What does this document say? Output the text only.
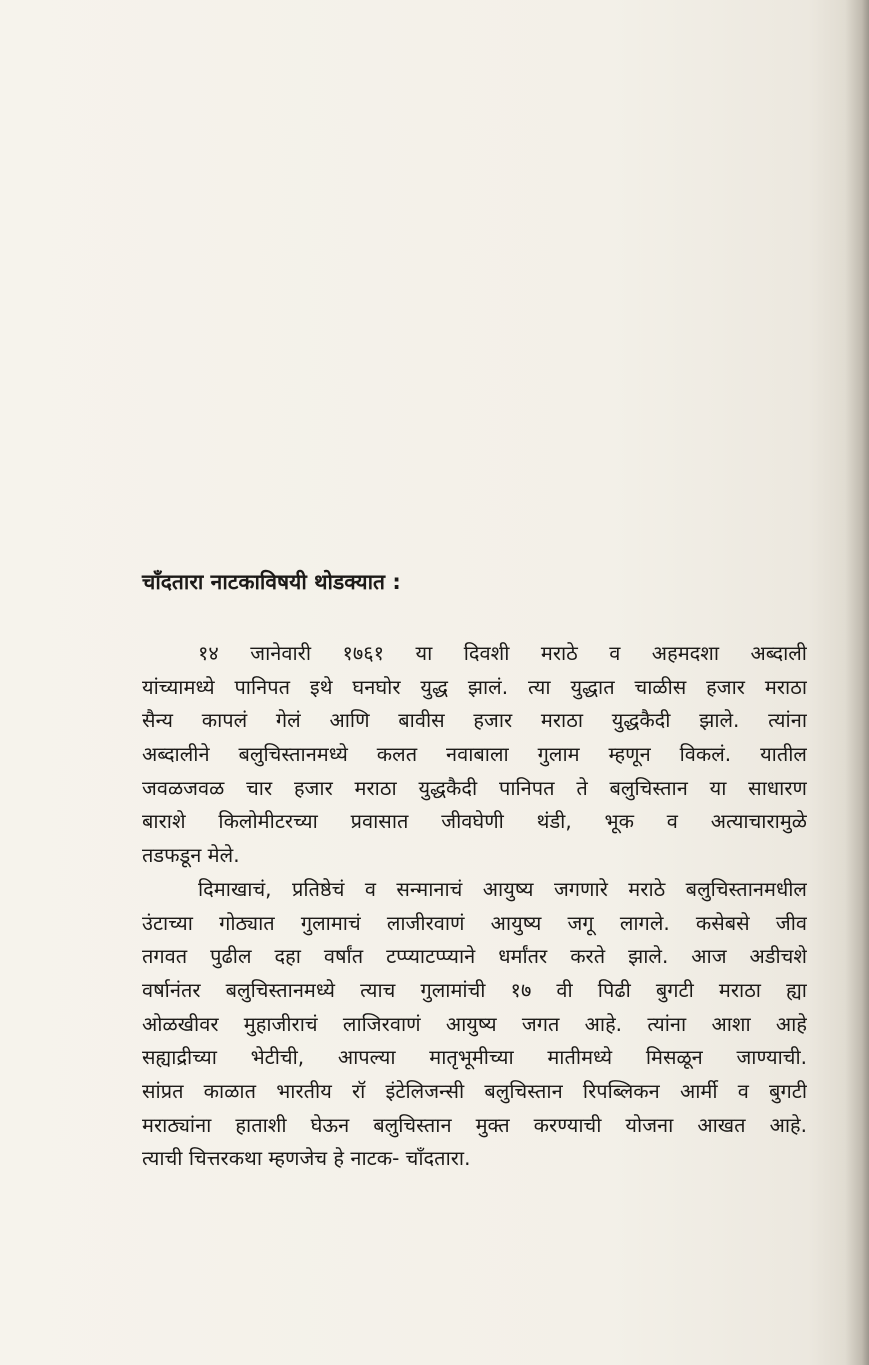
चाँदतारा नाटकाविषयी थोडक्यात :
१४ जानेवारी १७६१ या दिवशी मराठे व अहमदशा अब्दाली
यांच्यामध्ये पानिपत इथे घनघोर युद्ध झालं. त्या युद्धात चाळीस हजार मराठा
सैन्य कापलं गेलं आणि बावीस हजार मराठा युद्धकैदी झाले. त्यांना
अब्दालीने बलुचिस्तानमध्ये कलत नवाबाला गुलाम म्हणून विकलं. यातील
जवळजवळ चार हजार मराठा युद्धकैदी पानिपत ते बलुचिस्तान या साधारण
बाराशे किलोमीटरच्या प्रवासात जीवघेणी थंडी, भूक व अत्याचारामुळे
तडफडून मेले.
दिमाखाचं, प्रतिष्ठेचं व सन्मानाचं आयुष्य जगणारे मराठे बलुचिस्तानमधील
उंटाच्या गोठ्यात गुलामाचं लाजीरवाणं आयुष्य जगू लागले. कसेबसे जीव
तगवत पुढील दहा वर्षांत टप्प्याटप्प्याने धर्मांतर करते झाले. आज अडीचशे
वर्षानंतर बलुचिस्तानमध्ये त्याच गुलामांची १७ वी पिढी बुगटी मराठा ह्या
ओळखीवर मुहाजीराचं लाजिरवाणं आयुष्य जगत आहे. त्यांना आशा आहे
सह्याद्रीच्या भेटीची, आपल्या मातृभूमीच्या मातीमध्ये मिसळून जाण्याची.
सांप्रत काळात भारतीय रॉ इंटेलिजन्सी बलुचिस्तान रिपब्लिकन आर्मी व बुगटी
मराठ्यांना हाताशी घेऊन बलुचिस्तान मुक्त करण्याची योजना आखत आहे.
त्याची चित्तरकथा म्हणजेच हे नाटक- चाँदतारा.
